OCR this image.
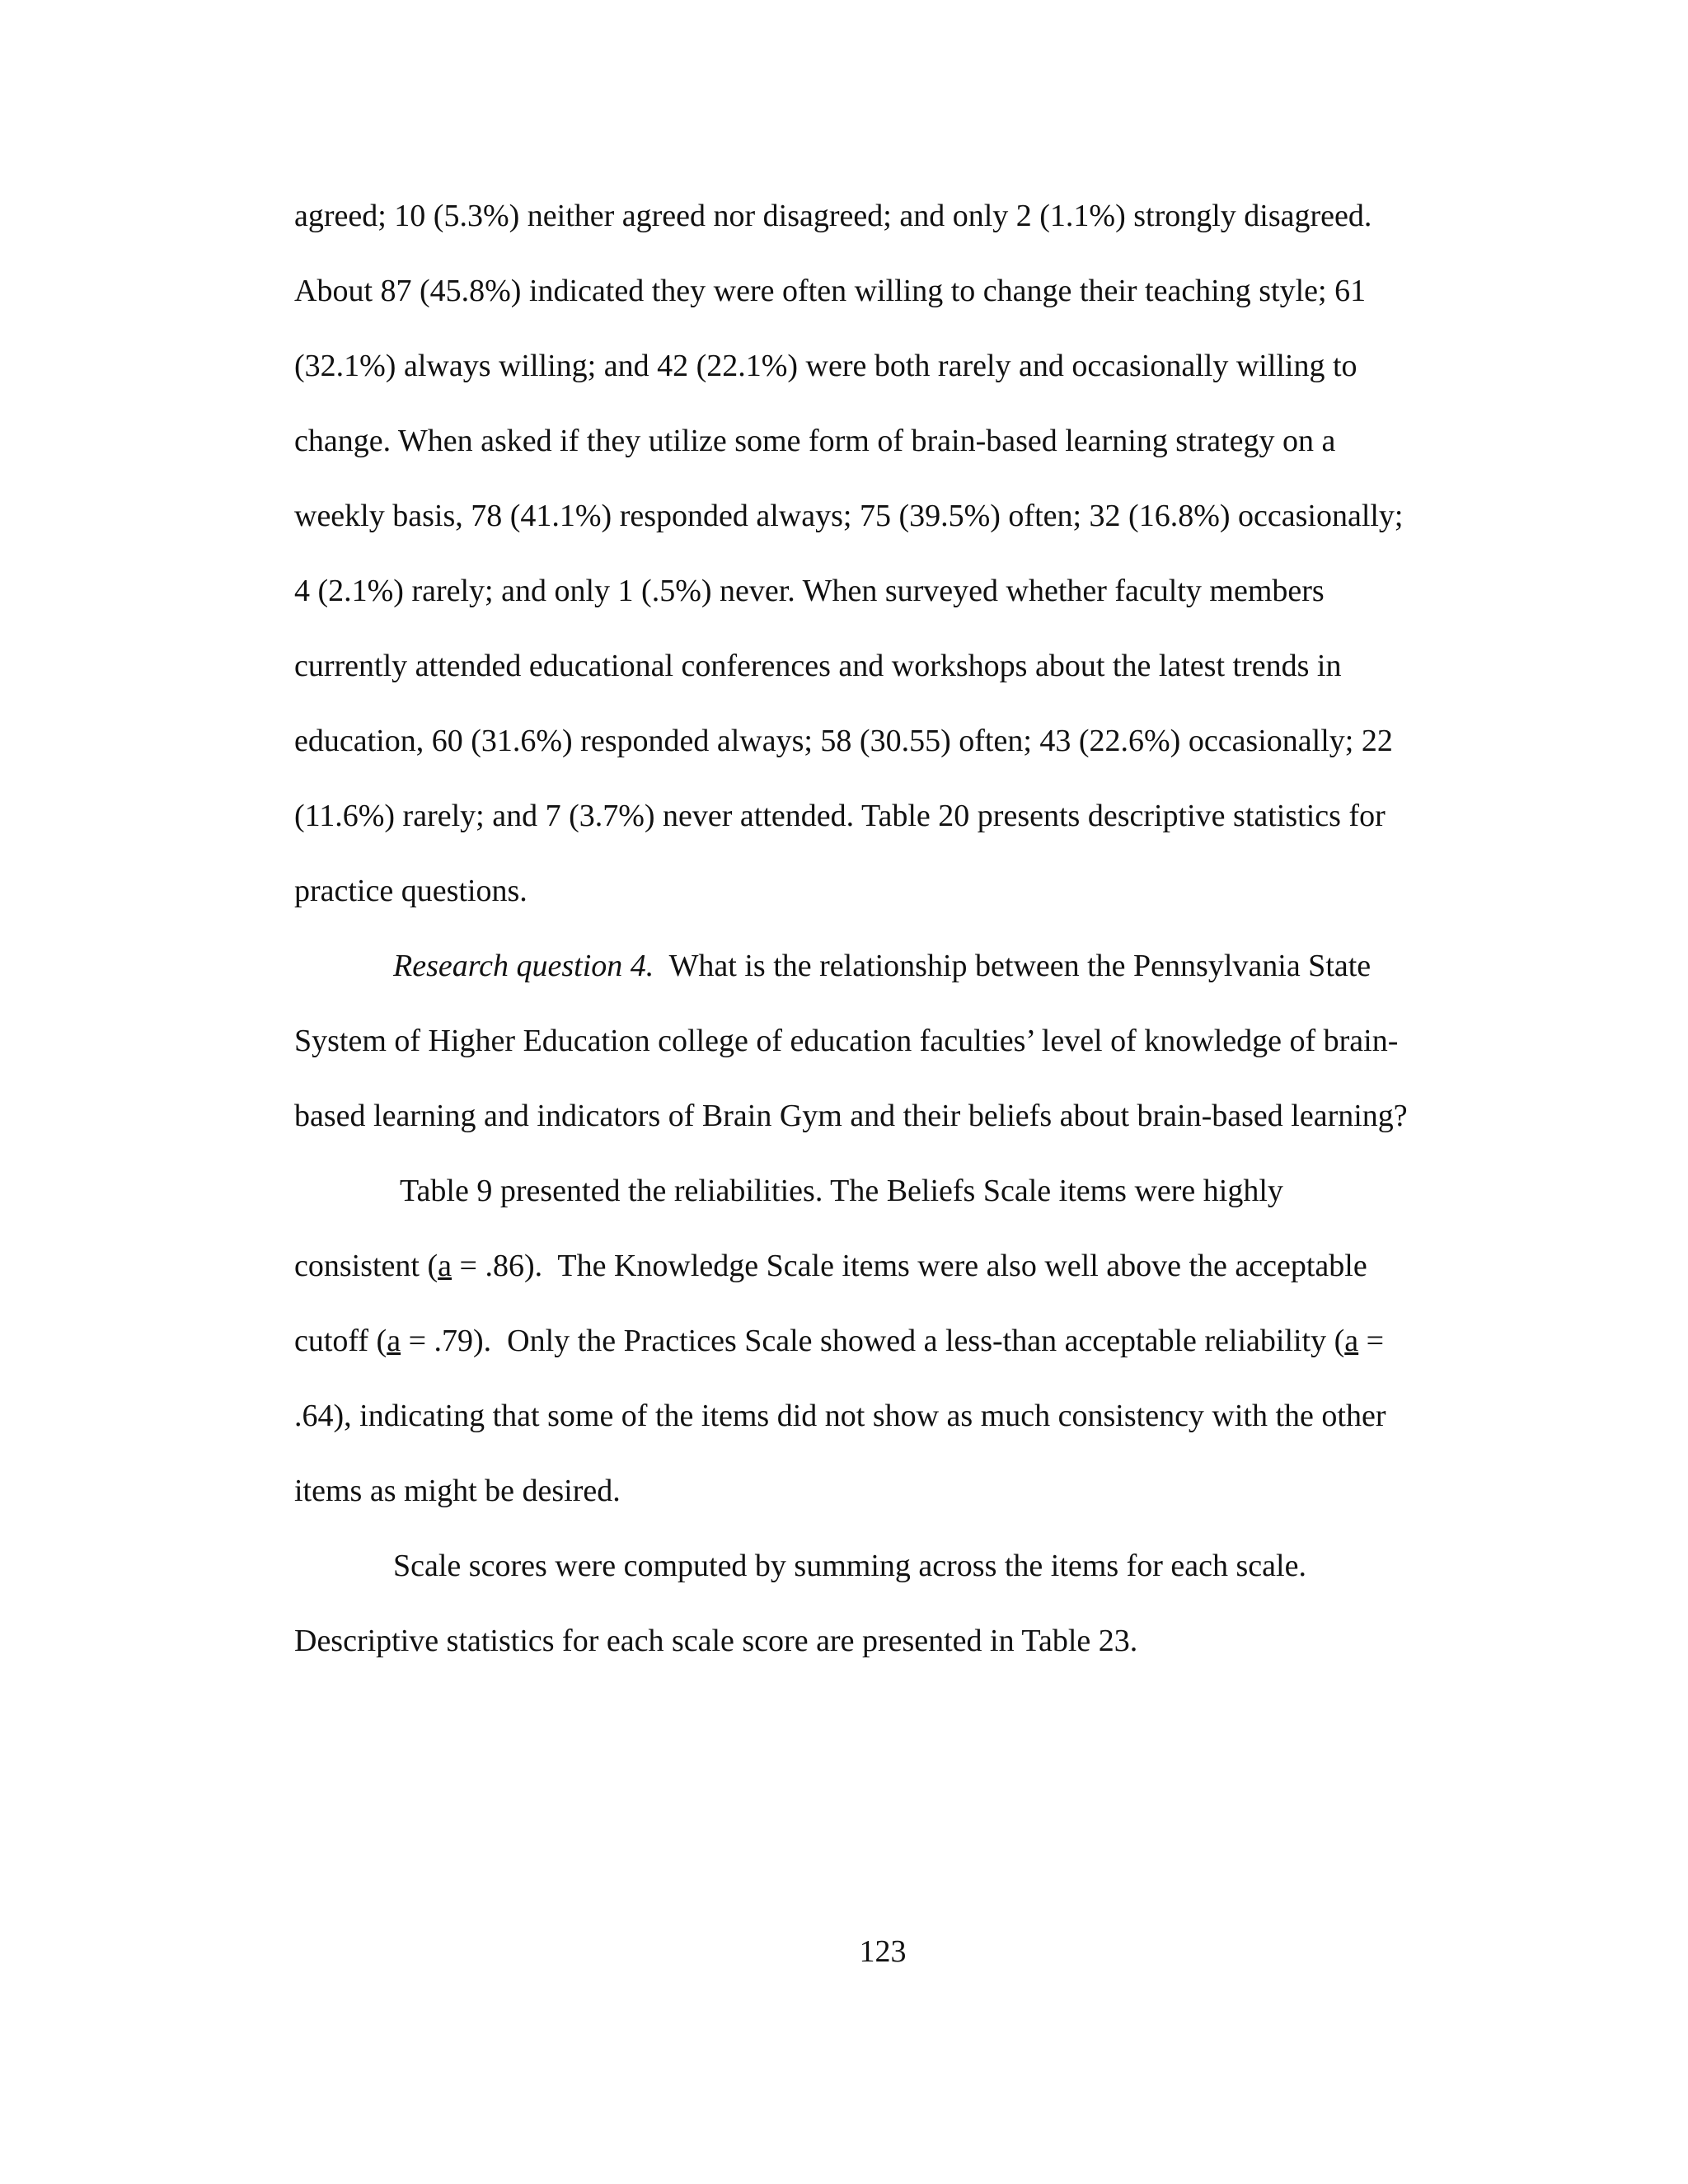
agreed; 10 (5.3%) neither agreed nor disagreed; and only 2 (1.1%) strongly disagreed.
About 87 (45.8%) indicated they were often willing to change their teaching style; 61
(32.1%) always willing; and 42 (22.1%) were both rarely and occasionally willing to
change. When asked if they utilize some form of brain-based learning strategy on a
weekly basis, 78 (41.1%) responded always; 75 (39.5%) often; 32 (16.8%) occasionally;
4 (2.1%) rarely; and only 1 (.5%) never. When surveyed whether faculty members
currently attended educational conferences and workshops about the latest trends in
education, 60 (31.6%) responded always; 58 (30.55) often; 43 (22.6%) occasionally; 22
(11.6%) rarely; and 7 (3.7%) never attended. Table 20 presents descriptive statistics for
practice questions.
Research question 4.  What is the relationship between the Pennsylvania State
System of Higher Education college of education faculties’ level of knowledge of brain-
based learning and indicators of Brain Gym and their beliefs about brain-based learning?
Table 9 presented the reliabilities. The Beliefs Scale items were highly
consistent (a = .86).  The Knowledge Scale items were also well above the acceptable
cutoff (a = .79).  Only the Practices Scale showed a less-than acceptable reliability (a =
.64), indicating that some of the items did not show as much consistency with the other
items as might be desired.
Scale scores were computed by summing across the items for each scale.
Descriptive statistics for each scale score are presented in Table 23.
123
